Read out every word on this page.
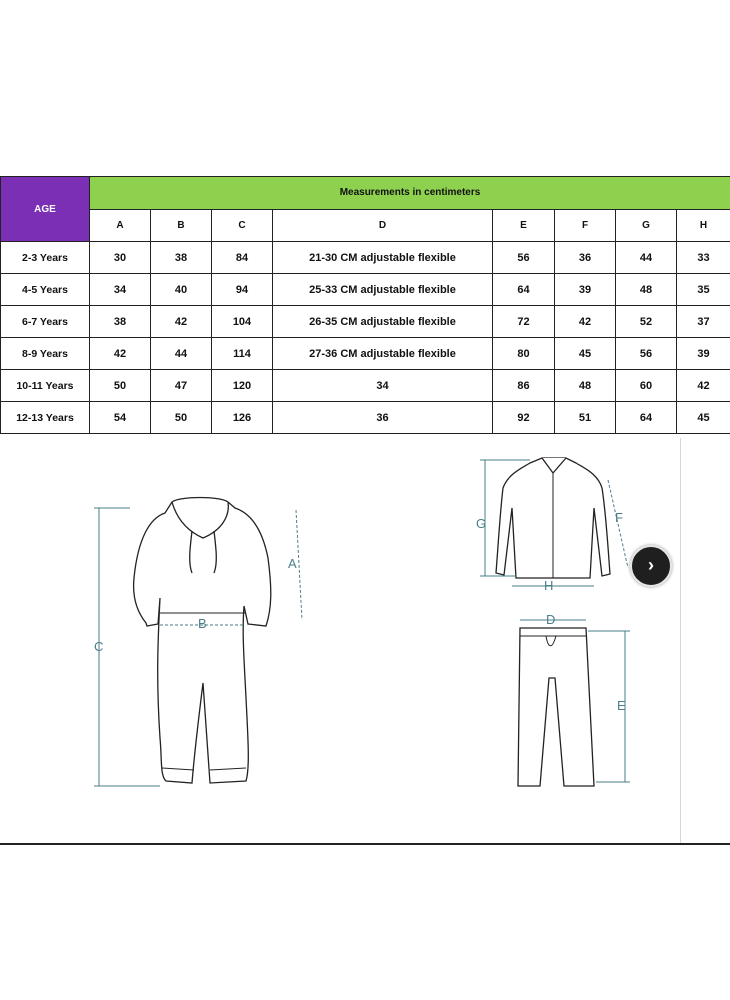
AGE	Measurements in centimeters							
	A	B	C	D	E	F	G	H
2-3 Years	30	38	84	21-30 CM adjustable flexible	56	36	44	33
4-5 Years	34	40	94	25-33 CM adjustable flexible	64	39	48	35
6-7 Years	38	42	104	26-35 CM adjustable flexible	72	42	52	37
8-9 Years	42	44	114	27-36 CM adjustable flexible	80	45	56	39
10-11 Years	50	47	120	34	86	48	60	42
12-13 Years	54	50	126	36	92	51	64	45
C
A
B
G	F
H
D
E
›
